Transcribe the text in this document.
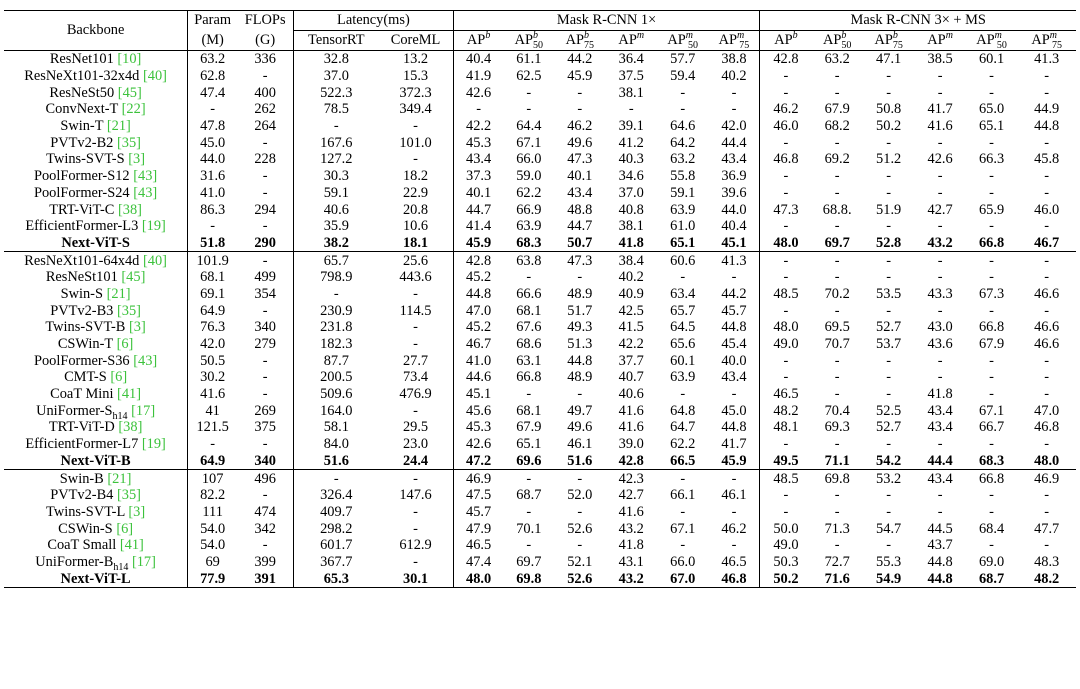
Backbone	Param	FLOPs	Latency(ms)		Mask R-CNN 1×						Mask R-CNN 3× + MS					
	(M)	(G)	TensorRT	CoreML	$AP^b$	$AP^b_{50}$	$AP^b_{75}$	$AP^m$	$AP^m_{50}$	$AP^m_{75}$	$AP^b$	$AP^b_{50}$	$AP^b_{75}$	$AP^m$	$AP^m_{50}$	$AP^m_{75}$
ResNet101 [10]	63.2	336	32.8	13.2	40.4	61.1	44.2	36.4	57.7	38.8	42.8	63.2	47.1	38.5	60.1	41.3
ResNeXt101-32x4d [40]	62.8	-	37.0	15.3	41.9	62.5	45.9	37.5	59.4	40.2	-	-	-	-	-	-
ResNeSt50 [45]	47.4	400	522.3	372.3	42.6	-	-	38.1	-	-	-	-	-	-	-	-
ConvNext-T [22]	-	262	78.5	349.4	-	-	-	-	-	-	46.2	67.9	50.8	41.7	65.0	44.9
Swin-T [21]	47.8	264	-	-	42.2	64.4	46.2	39.1	64.6	42.0	46.0	68.2	50.2	41.6	65.1	44.8
PVTv2-B2 [35]	45.0	-	167.6	101.0	45.3	67.1	49.6	41.2	64.2	44.4	-	-	-	-	-	-
Twins-SVT-S [3]	44.0	228	127.2	-	43.4	66.0	47.3	40.3	63.2	43.4	46.8	69.2	51.2	42.6	66.3	45.8
PoolFormer-S12 [43]	31.6	-	30.3	18.2	37.3	59.0	40.1	34.6	55.8	36.9	-	-	-	-	-	-
PoolFormer-S24 [43]	41.0	-	59.1	22.9	40.1	62.2	43.4	37.0	59.1	39.6	-	-	-	-	-	-
TRT-ViT-C [38]	86.3	294	40.6	20.8	44.7	66.9	48.8	40.8	63.9	44.0	47.3	68.8.	51.9	42.7	65.9	46.0
EfficientFormer-L3 [19]	-	-	35.9	10.6	41.4	63.9	44.7	38.1	61.0	40.4	-	-	-	-	-	-
Next-ViT-S	51.8	290	38.2	18.1	45.9	68.3	50.7	41.8	65.1	45.1	48.0	69.7	52.8	43.2	66.8	46.7
ResNeXt101-64x4d [40]	101.9	-	65.7	25.6	42.8	63.8	47.3	38.4	60.6	41.3	-	-	-	-	-	-
ResNeSt101 [45]	68.1	499	798.9	443.6	45.2	-	-	40.2	-	-	-	-	-	-	-	-
Swin-S [21]	69.1	354	-	-	44.8	66.6	48.9	40.9	63.4	44.2	48.5	70.2	53.5	43.3	67.3	46.6
PVTv2-B3 [35]	64.9	-	230.9	114.5	47.0	68.1	51.7	42.5	65.7	45.7	-	-	-	-	-	-
Twins-SVT-B [3]	76.3	340	231.8	-	45.2	67.6	49.3	41.5	64.5	44.8	48.0	69.5	52.7	43.0	66.8	46.6
CSWin-T [6]	42.0	279	182.3	-	46.7	68.6	51.3	42.2	65.6	45.4	49.0	70.7	53.7	43.6	67.9	46.6
PoolFormer-S36 [43]	50.5	-	87.7	27.7	41.0	63.1	44.8	37.7	60.1	40.0	-	-	-	-	-	-
CMT-S [6]	30.2	-	200.5	73.4	44.6	66.8	48.9	40.7	63.9	43.4	-	-	-	-	-	-
CoaT Mini [41]	41.6	-	509.6	476.9	45.1	-	-	40.6	-	-	46.5	-	-	41.8	-	-
UniFormer-$S_{h14}$ [17]	41	269	164.0	-	45.6	68.1	49.7	41.6	64.8	45.0	48.2	70.4	52.5	43.4	67.1	47.0
TRT-ViT-D [38]	121.5	375	58.1	29.5	45.3	67.9	49.6	41.6	64.7	44.8	48.1	69.3	52.7	43.4	66.7	46.8
EfficientFormer-L7 [19]	-	-	84.0	23.0	42.6	65.1	46.1	39.0	62.2	41.7	-	-	-	-	-	-
Next-ViT-B	64.9	340	51.6	24.4	47.2	69.6	51.6	42.8	66.5	45.9	49.5	71.1	54.2	44.4	68.3	48.0
Swin-B [21]	107	496	-	-	46.9	-	-	42.3	-	-	48.5	69.8	53.2	43.4	66.8	46.9
PVTv2-B4 [35]	82.2	-	326.4	147.6	47.5	68.7	52.0	42.7	66.1	46.1	-	-	-	-	-	-
Twins-SVT-L [3]	111	474	409.7	-	45.7	-	-	41.6	-	-	-	-	-	-	-	-
CSWin-S [6]	54.0	342	298.2	-	47.9	70.1	52.6	43.2	67.1	46.2	50.0	71.3	54.7	44.5	68.4	47.7
CoaT Small [41]	54.0	-	601.7	612.9	46.5	-	-	41.8	-	-	49.0	-	-	43.7	-	-
UniFormer-$B_{h14}$ [17]	69	399	367.7	-	47.4	69.7	52.1	43.1	66.0	46.5	50.3	72.7	55.3	44.8	69.0	48.3
Next-ViT-L	77.9	391	65.3	30.1	48.0	69.8	52.6	43.2	67.0	46.8	50.2	71.6	54.9	44.8	68.7	48.2
